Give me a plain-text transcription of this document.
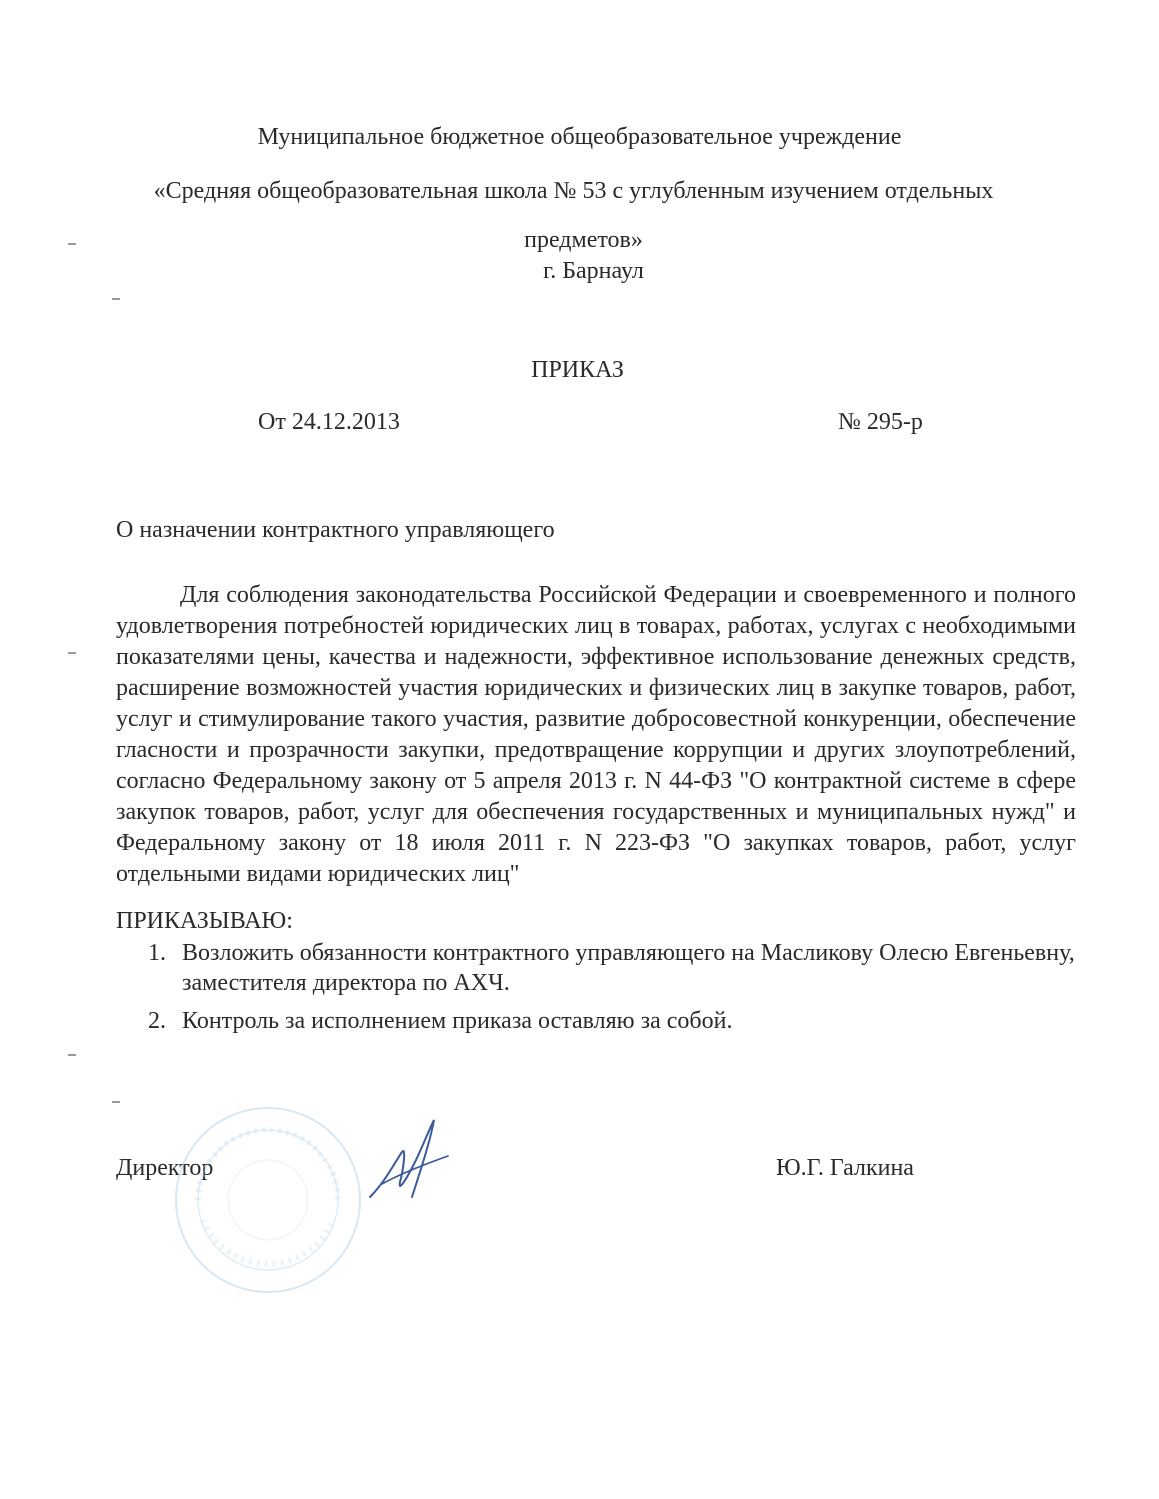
Муниципальное бюджетное общеобразовательное учреждение
«Средняя общеобразовательная школа № 53 с углубленным изучением отдельных
предметов»
г. Барнаул
ПРИКАЗ
От 24.12.2013	№ 295-р
О назначении контрактного управляющего
Для соблюдения законодательства Российской Федерации и своевременного и полного удовлетворения потребностей юридических лиц в товарах, работах, услугах с необходимыми показателями цены, качества и надежности, эффективное использование денежных средств, расширение возможностей участия юридических и физических лиц в закупке товаров, работ, услуг и стимулирование такого участия, развитие добросовестной конкуренции, обеспечение гласности и прозрачности закупки, предотвращение коррупции и других злоупотреблений, согласно Федеральному закону от 5 апреля 2013 г. N 44-ФЗ "О контрактной системе в сфере закупок товаров, работ, услуг для обеспечения государственных и муниципальных нужд" и Федеральному закону от 18 июля 2011 г. N 223-ФЗ "О закупках товаров, работ, услуг отдельными видами юридических лиц"
ПРИКАЗЫВАЮ:
1. Возложить обязанности контрактного управляющего на Масликову Олесю Евгеньевну, заместителя директора по АХЧ.
2. Контроль за исполнением приказа оставляю за собой.
Директор	Ю.Г. Галкина
